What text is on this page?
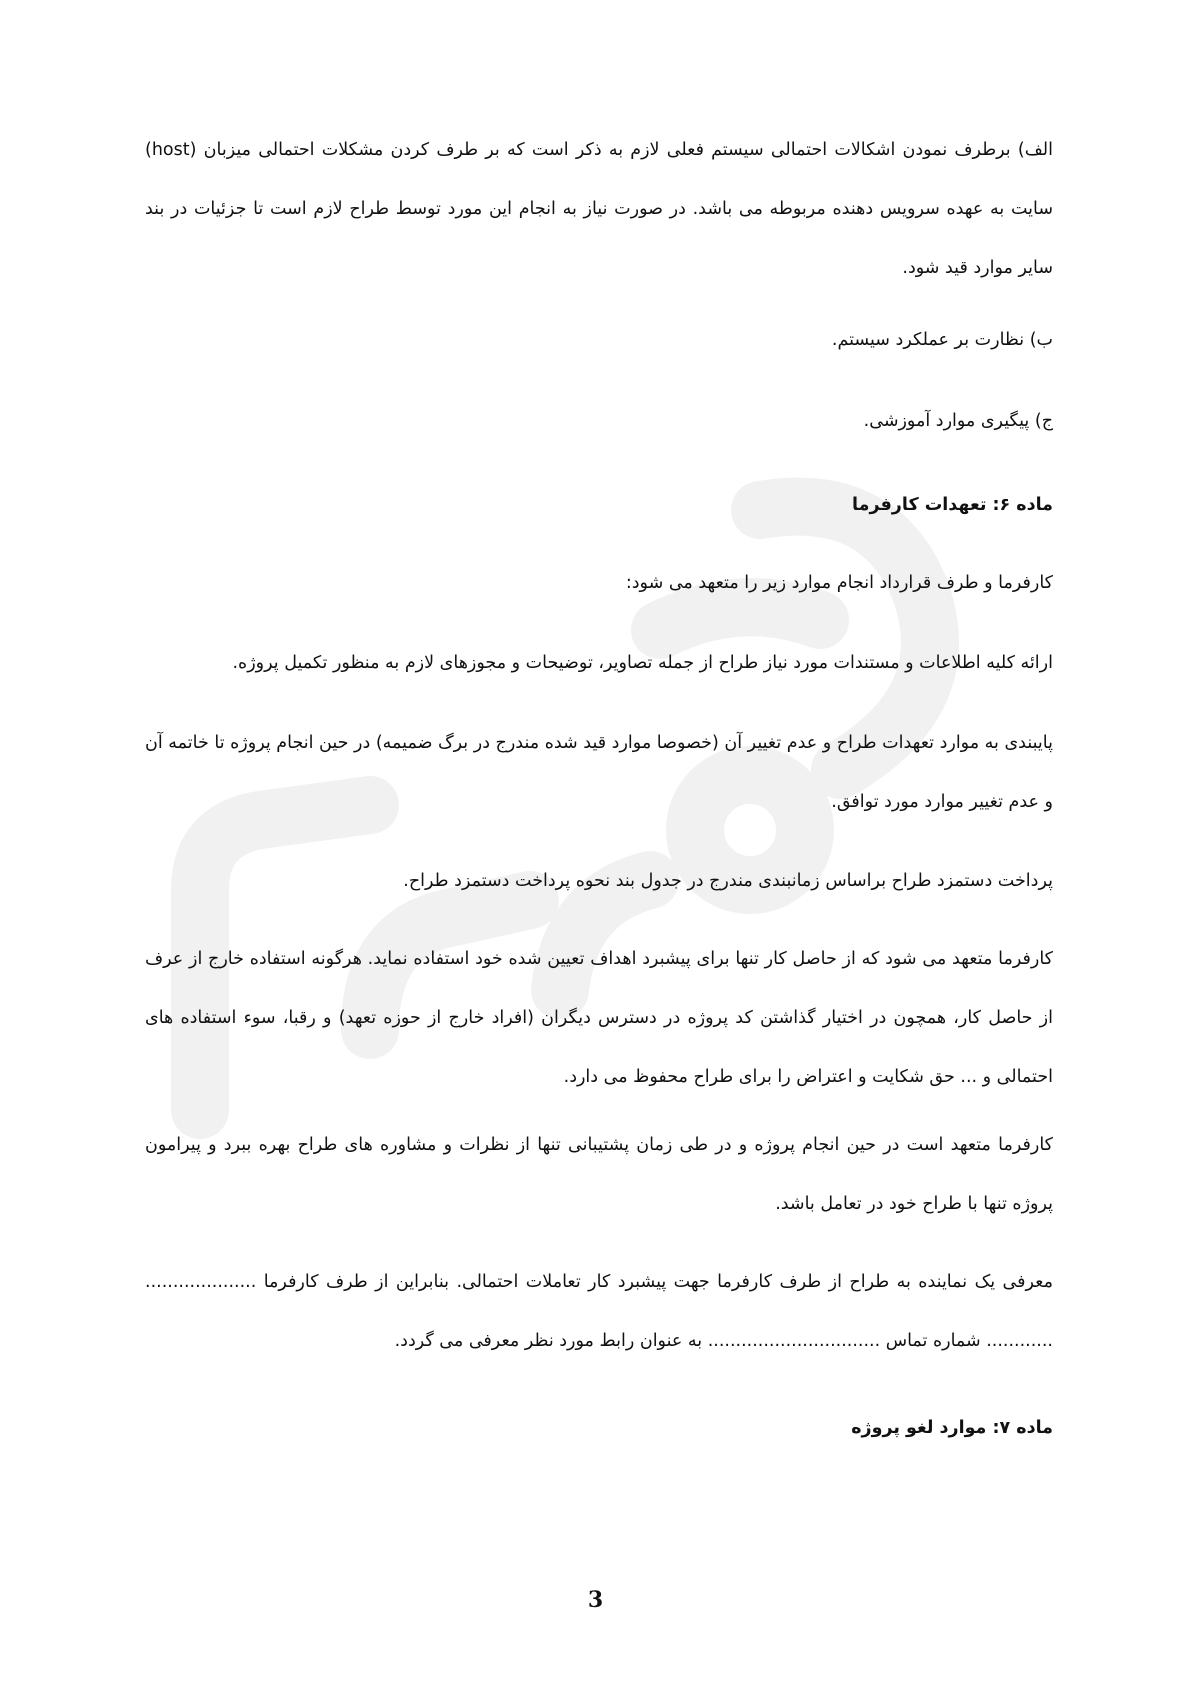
الف) برطرف نمودن اشکالات احتمالی سیستم فعلی لازم به ذکر است که بر طرف کردن مشکلات احتمالی میزبان (host) سایت به عهده سرویس دهنده مربوطه می باشد. در صورت نیاز به انجام این مورد توسط طراح لازم است تا جزئیات در بند سایر موارد قید شود.

ب) نظارت بر عملکرد سیستم.

ج) پیگیری موارد آموزشی.

ماده ۶: تعهدات کارفرما

کارفرما و طرف قرارداد انجام موارد زیر را متعهد می شود:

ارائه کلیه اطلاعات و مستندات مورد نیاز طراح از جمله تصاویر، توضیحات و مجوزهای لازم به منظور تکمیل پروژه.

پایبندی به موارد تعهدات طراح و عدم تغییر آن (خصوصا موارد قید شده مندرج در برگ ضمیمه) در حین انجام پروژه تا خاتمه آن و عدم تغییر موارد مورد توافق.

پرداخت دستمزد طراح براساس زمانبندی مندرج در جدول بند نحوه پرداخت دستمزد طراح.

کارفرما متعهد می شود که از حاصل کار تنها برای پیشبرد اهداف تعیین شده خود استفاده نماید. هرگونه استفاده خارج از عرف از حاصل کار، همچون در اختیار گذاشتن کد پروژه در دسترس دیگران (افراد خارج از حوزه تعهد) و رقبا، سوء استفاده های احتمالی و ... حق شکایت و اعتراض را برای طراح محفوظ می دارد.

کارفرما متعهد است در حین انجام پروژه و در طی زمان پشتیبانی تنها از نظرات و مشاوره های طراح بهره ببرد و پیرامون پروژه تنها با طراح خود در تعامل باشد.

معرفی یک نماینده به طراح از طرف کارفرما جهت پیشبرد کار تعاملات احتمالی. بنابراین از طرف کارفرما .................... ............ شماره تماس ............................... به عنوان رابط مورد نظر معرفی می گردد.

ماده ۷: موارد لغو پروژه
3
